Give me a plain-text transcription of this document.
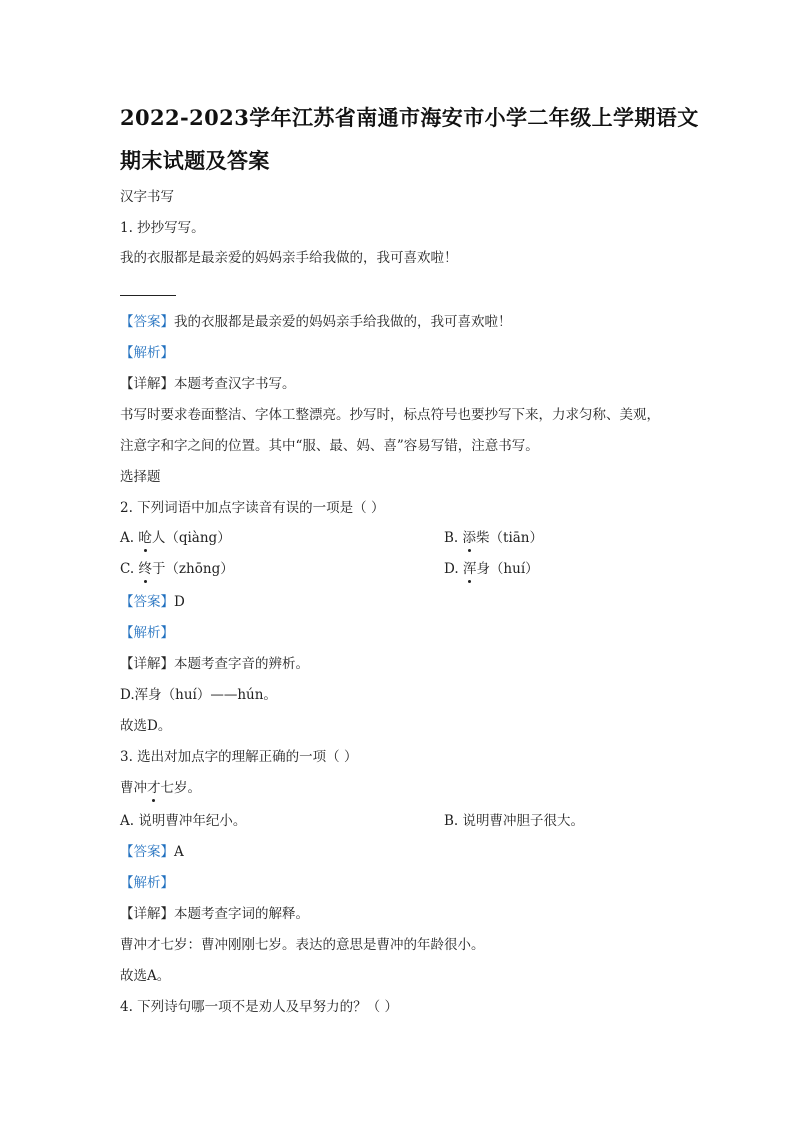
2022-2023学年江苏省南通市海安市小学二年级上学期语文
期末试题及答案
汉字书写
1. 抄抄写写。
我的衣服都是最亲爱的妈妈亲手给我做的，我可喜欢啦！
【答案】我的衣服都是最亲爱的妈妈亲手给我做的，我可喜欢啦！
【解析】
【详解】本题考查汉字书写。
书写时要求卷面整洁、字体工整漂亮。抄写时，标点符号也要抄写下来，力求匀称、美观，
注意字和字之间的位置。其中“服、最、妈、喜”容易写错，注意书写。
选择题
2. 下列词语中加点字读音有误的一项是（ ）
A. 呛人（qiàng）	B. 添柴（tiān）
C. 终于（zhōng）	D. 浑身（huí）
【答案】D
【解析】
【详解】本题考查字音的辨析。
D.浑身（huí）——hún。
故选D。
3. 选出对加点字的理解正确的一项（ ）
曹冲才七岁。
A. 说明曹冲年纪小。	B. 说明曹冲胆子很大。
【答案】A
【解析】
【详解】本题考查字词的解释。
曹冲才七岁：曹冲刚刚七岁。表达的意思是曹冲的年龄很小。
故选A。
4. 下列诗句哪一项不是劝人及早努力的？（ ）
